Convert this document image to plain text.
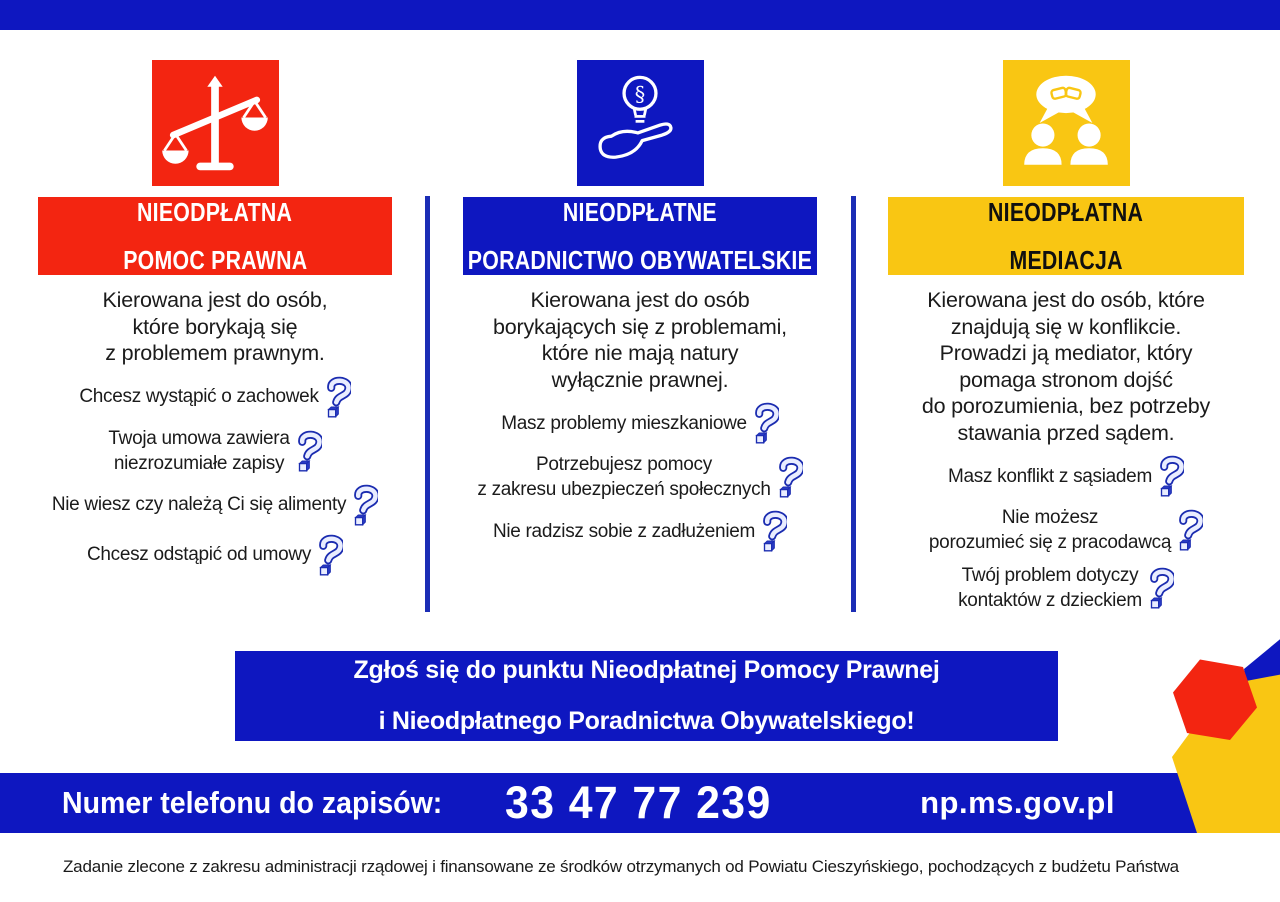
NIEODPŁATNA

POMOC PRAWNA
Kierowana jest do osób,
które borykają się
z problemem prawnym.
Chcesz wystąpić o zachowek
Twoja umowa zawiera
niezrozumiałe zapisy
Nie wiesz czy należą Ci się alimenty
Chcesz odstąpić od umowy
§
NIEODPŁATNE

PORADNICTWO OBYWATELSKIE
Kierowana jest do osób
borykających się z problemami,
które nie mają natury
wyłącznie prawnej.
Masz problemy mieszkaniowe
Potrzebujesz pomocy
z zakresu ubezpieczeń społecznych
Nie radzisz sobie z zadłużeniem
NIEODPŁATNA

MEDIACJA
Kierowana jest do osób, które
znajdują się w konflikcie.
Prowadzi ją mediator, który
pomaga stronom dojść
do porozumienia, bez potrzeby
stawania przed sądem.
Masz konflikt z sąsiadem
Nie możesz
porozumieć się z pracodawcą
Twój problem dotyczy
kontaktów z dzieckiem
Zgłoś się do punktu Nieodpłatnej Pomocy Prawnej

i Nieodpłatnego Poradnictwa Obywatelskiego!
Numer telefonu do zapisów: 33 47 77 239	np.ms.gov.pl
Zadanie zlecone z zakresu administracji rządowej i finansowane ze środków otrzymanych od Powiatu Cieszyńskiego, pochodzących z budżetu Państwa
